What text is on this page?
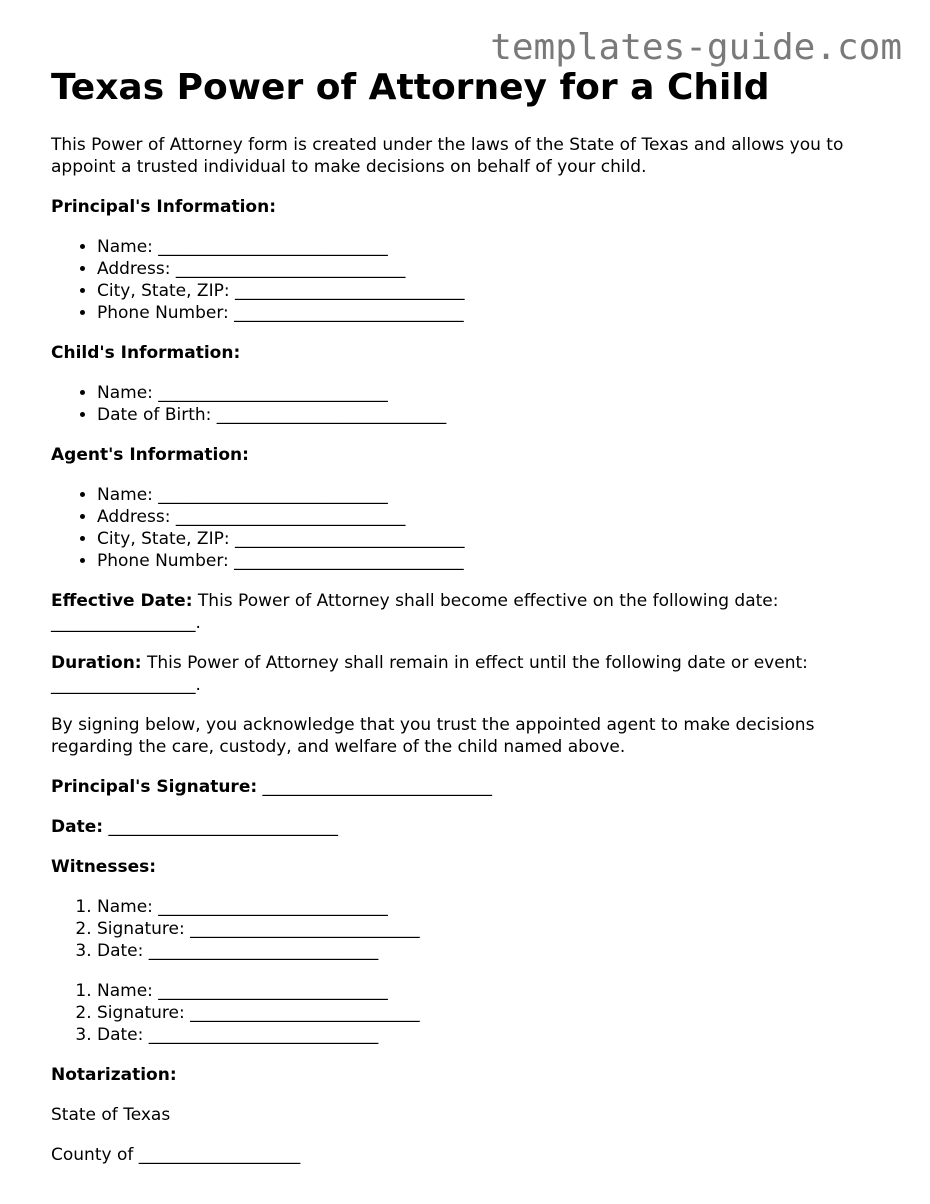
templates-guide.com
Texas Power of Attorney for a Child

This Power of Attorney form is created under the laws of the State of Texas and allows you to appoint a trusted individual to make decisions on behalf of your child.

Principal's Information:

• Name: ___________________________
• Address: ___________________________
• City, State, ZIP: ___________________________
• Phone Number: ___________________________

Child's Information:

• Name: ___________________________
• Date of Birth: ___________________________

Agent's Information:

• Name: ___________________________
• Address: ___________________________
• City, State, ZIP: ___________________________
• Phone Number: ___________________________

Effective Date: This Power of Attorney shall become effective on the following date: _________________.

Duration: This Power of Attorney shall remain in effect until the following date or event: _________________.

By signing below, you acknowledge that you trust the appointed agent to make decisions regarding the care, custody, and welfare of the child named above.

Principal's Signature: ___________________________

Date: ___________________________

Witnesses:

1. Name: ___________________________
2. Signature: ___________________________
3. Date: ___________________________
1. Name: ___________________________
2. Signature: ___________________________
3. Date: ___________________________

Notarization:

State of Texas

County of ___________________
